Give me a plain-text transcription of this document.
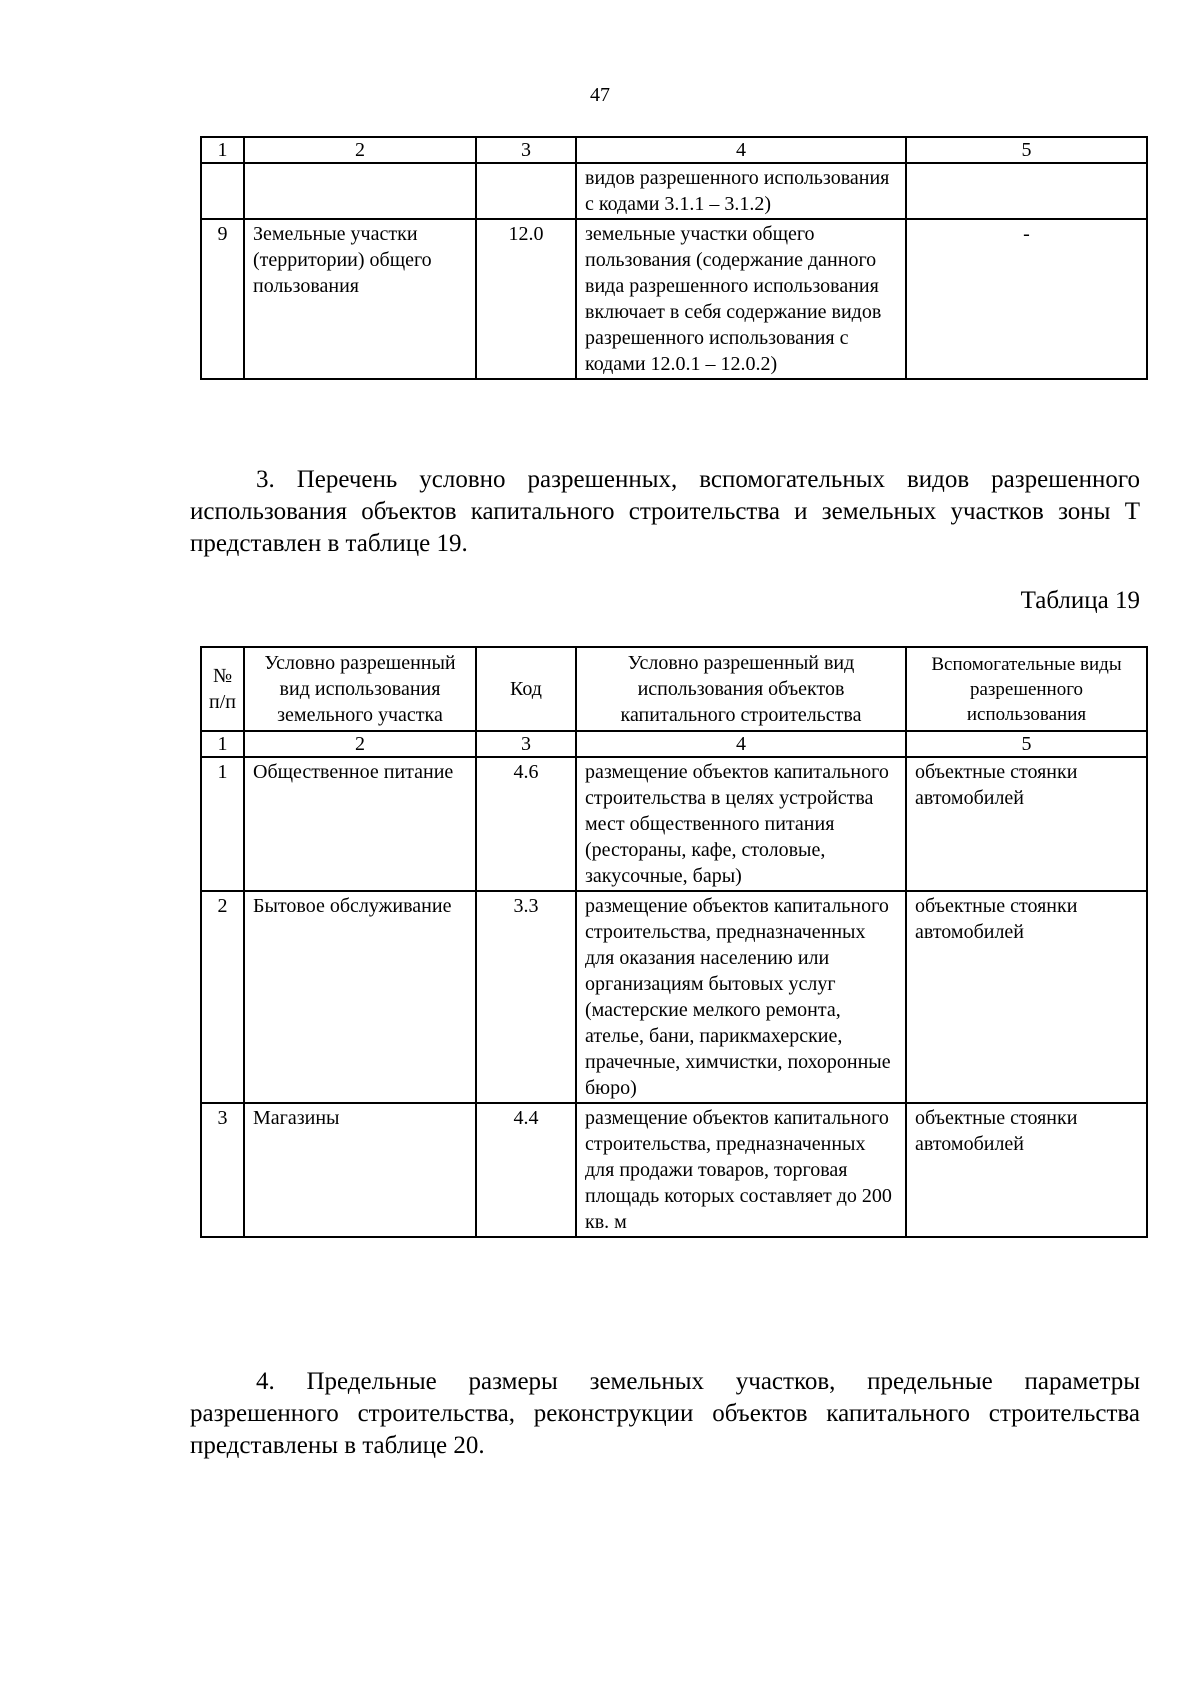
47
1	2	3	4	5
			видов разрешенного использования с кодами 3.1.1 – 3.1.2)	
9	Земельные участки (территории) общего пользования	12.0	земельные участки общего пользования (содержание данного вида разрешенного использования включает в себя содержание видов разрешенного использования с кодами 12.0.1 – 12.0.2)	-

3. Перечень условно разрешенных, вспомогательных видов разрешенного использования объектов капитального строительства и земельных участков зоны Т представлен в таблице 19.

Таблица 19
№ п/п	Условно разрешенный вид использования земельного участка	Код	Условно разрешенный вид использования объектов капитального строительства	Вспомогательные виды разрешенного использования
1	2	3	4	5
1	Общественное питание	4.6	размещение объектов капитального строительства в целях устройства мест общественного питания (рестораны, кафе, столовые, закусочные, бары)	объектные стоянки автомобилей
2	Бытовое обслуживание	3.3	размещение объектов капитального строительства, предназначенных для оказания населению или организациям бытовых услуг (мастерские мелкого ремонта, ателье, бани, парикмахерские, прачечные, химчистки, похоронные бюро)	объектные стоянки автомобилей
3	Магазины	4.4	размещение объектов капитального строительства, предназначенных для продажи товаров, торговая площадь которых составляет до 200 кв. м	объектные стоянки автомобилей

4. Предельные размеры земельных участков, предельные параметры разрешенного строительства, реконструкции объектов капитального строительства представлены в таблице 20.
